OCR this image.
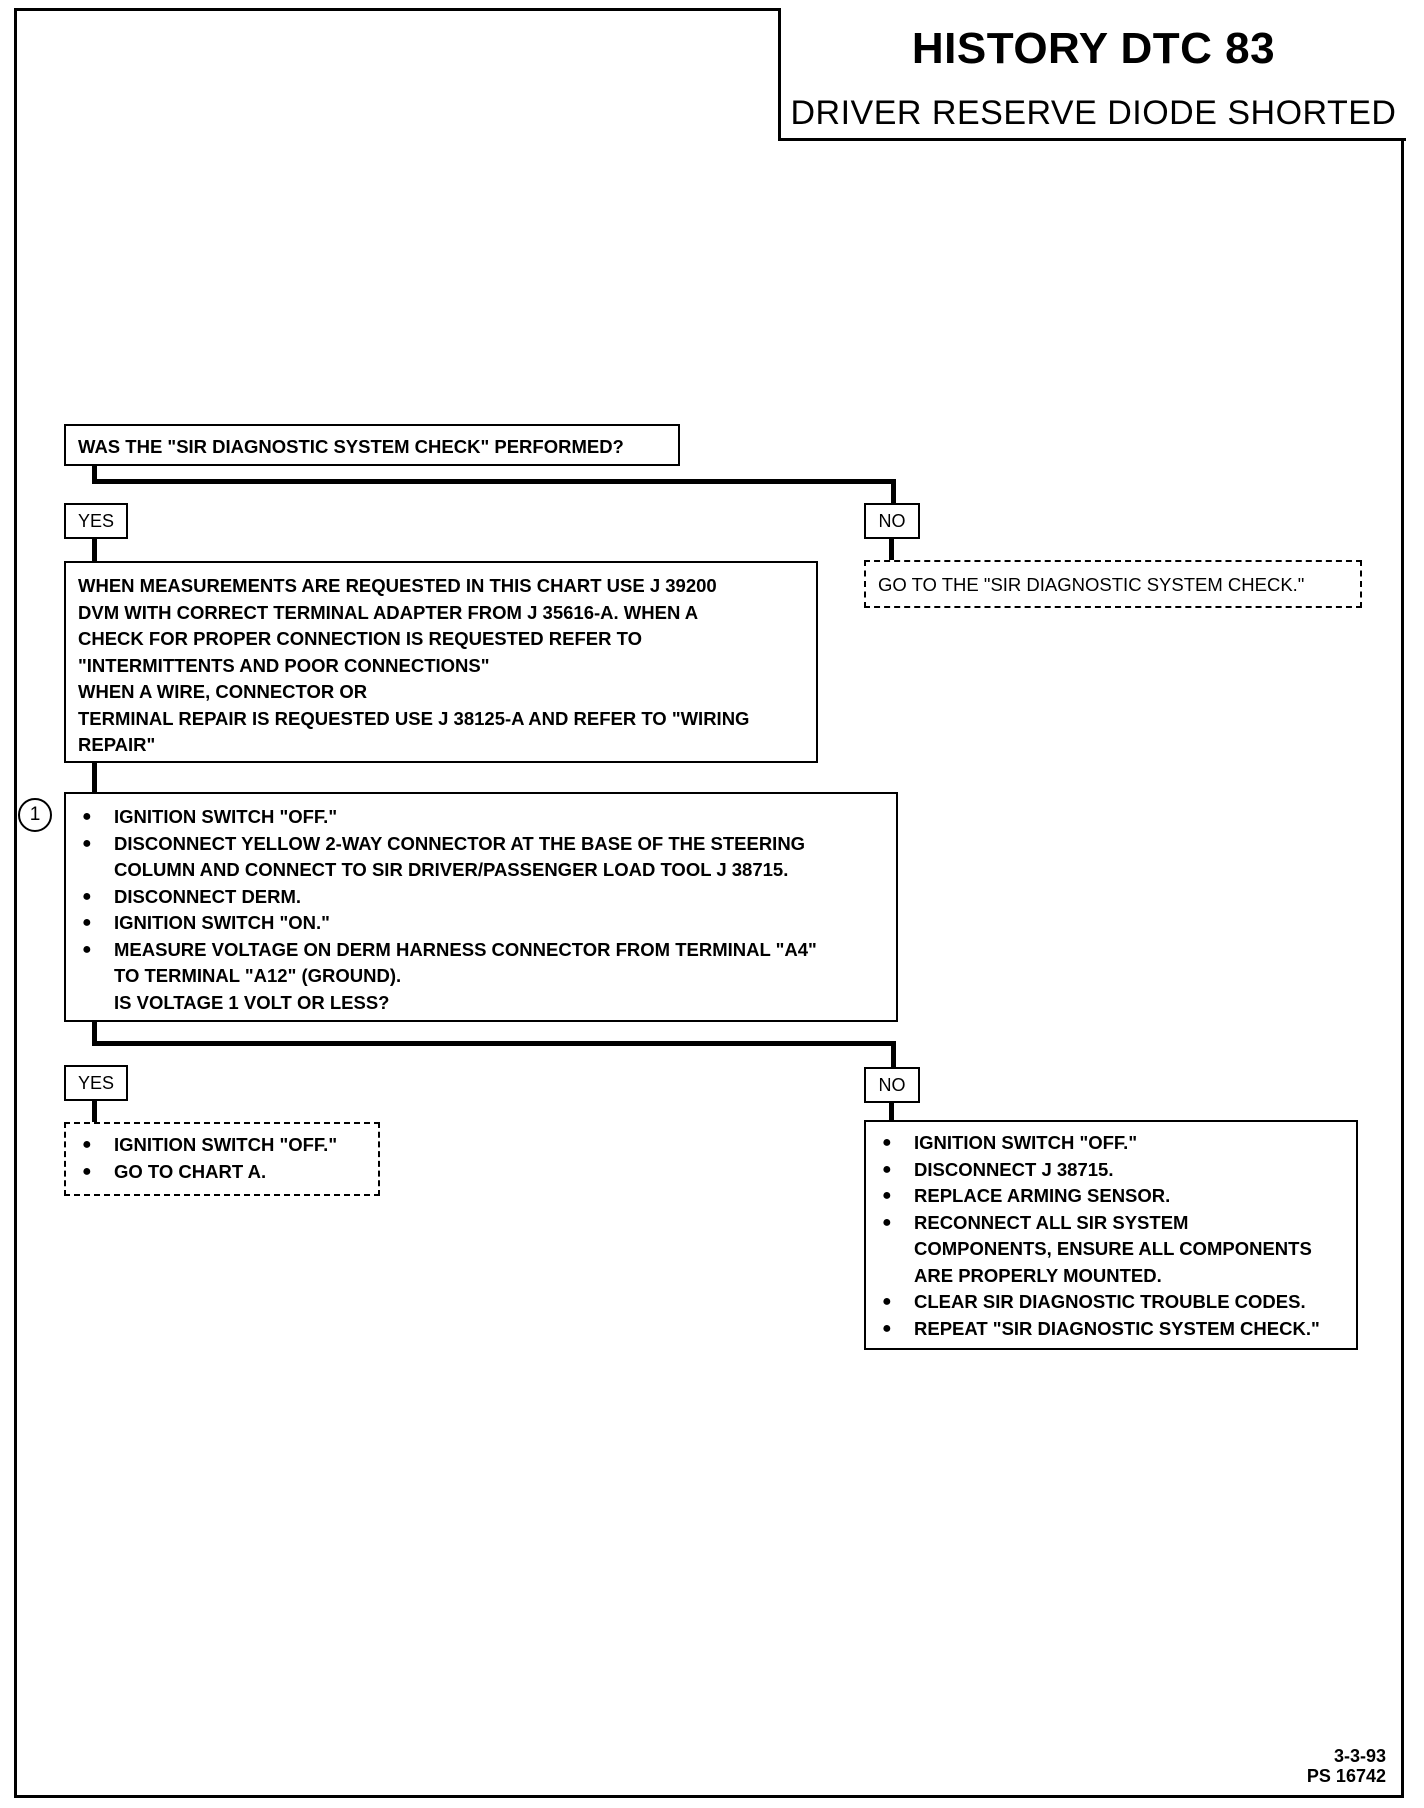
HISTORY DTC 83
DRIVER RESERVE DIODE SHORTED
WAS THE "SIR DIAGNOSTIC SYSTEM CHECK" PERFORMED?
YES	NO
GO TO THE "SIR DIAGNOSTIC SYSTEM CHECK."
WHEN MEASUREMENTS ARE REQUESTED IN THIS CHART USE J 39200
DVM WITH CORRECT TERMINAL ADAPTER FROM J 35616-A. WHEN A
CHECK FOR PROPER CONNECTION IS REQUESTED REFER TO
"INTERMITTENTS AND POOR CONNECTIONS"
WHEN A WIRE, CONNECTOR OR
TERMINAL REPAIR IS REQUESTED USE J 38125-A AND REFER TO "WIRING
REPAIR"
1	● IGNITION SWITCH "OFF."
● DISCONNECT YELLOW 2-WAY CONNECTOR AT THE BASE OF THE STEERING
COLUMN AND CONNECT TO SIR DRIVER/PASSENGER LOAD TOOL J 38715.
● DISCONNECT DERM.
● IGNITION SWITCH "ON."
● MEASURE VOLTAGE ON DERM HARNESS CONNECTOR FROM TERMINAL "A4"
TO TERMINAL "A12" (GROUND).
IS VOLTAGE 1 VOLT OR LESS?
YES	NO
● IGNITION SWITCH "OFF."
● GO TO CHART A.
● IGNITION SWITCH "OFF."
● DISCONNECT J 38715.
● REPLACE ARMING SENSOR.
● RECONNECT ALL SIR SYSTEM
COMPONENTS, ENSURE ALL COMPONENTS
ARE PROPERLY MOUNTED.
● CLEAR SIR DIAGNOSTIC TROUBLE CODES.
● REPEAT "SIR DIAGNOSTIC SYSTEM CHECK."
3-3-93
PS 16742
